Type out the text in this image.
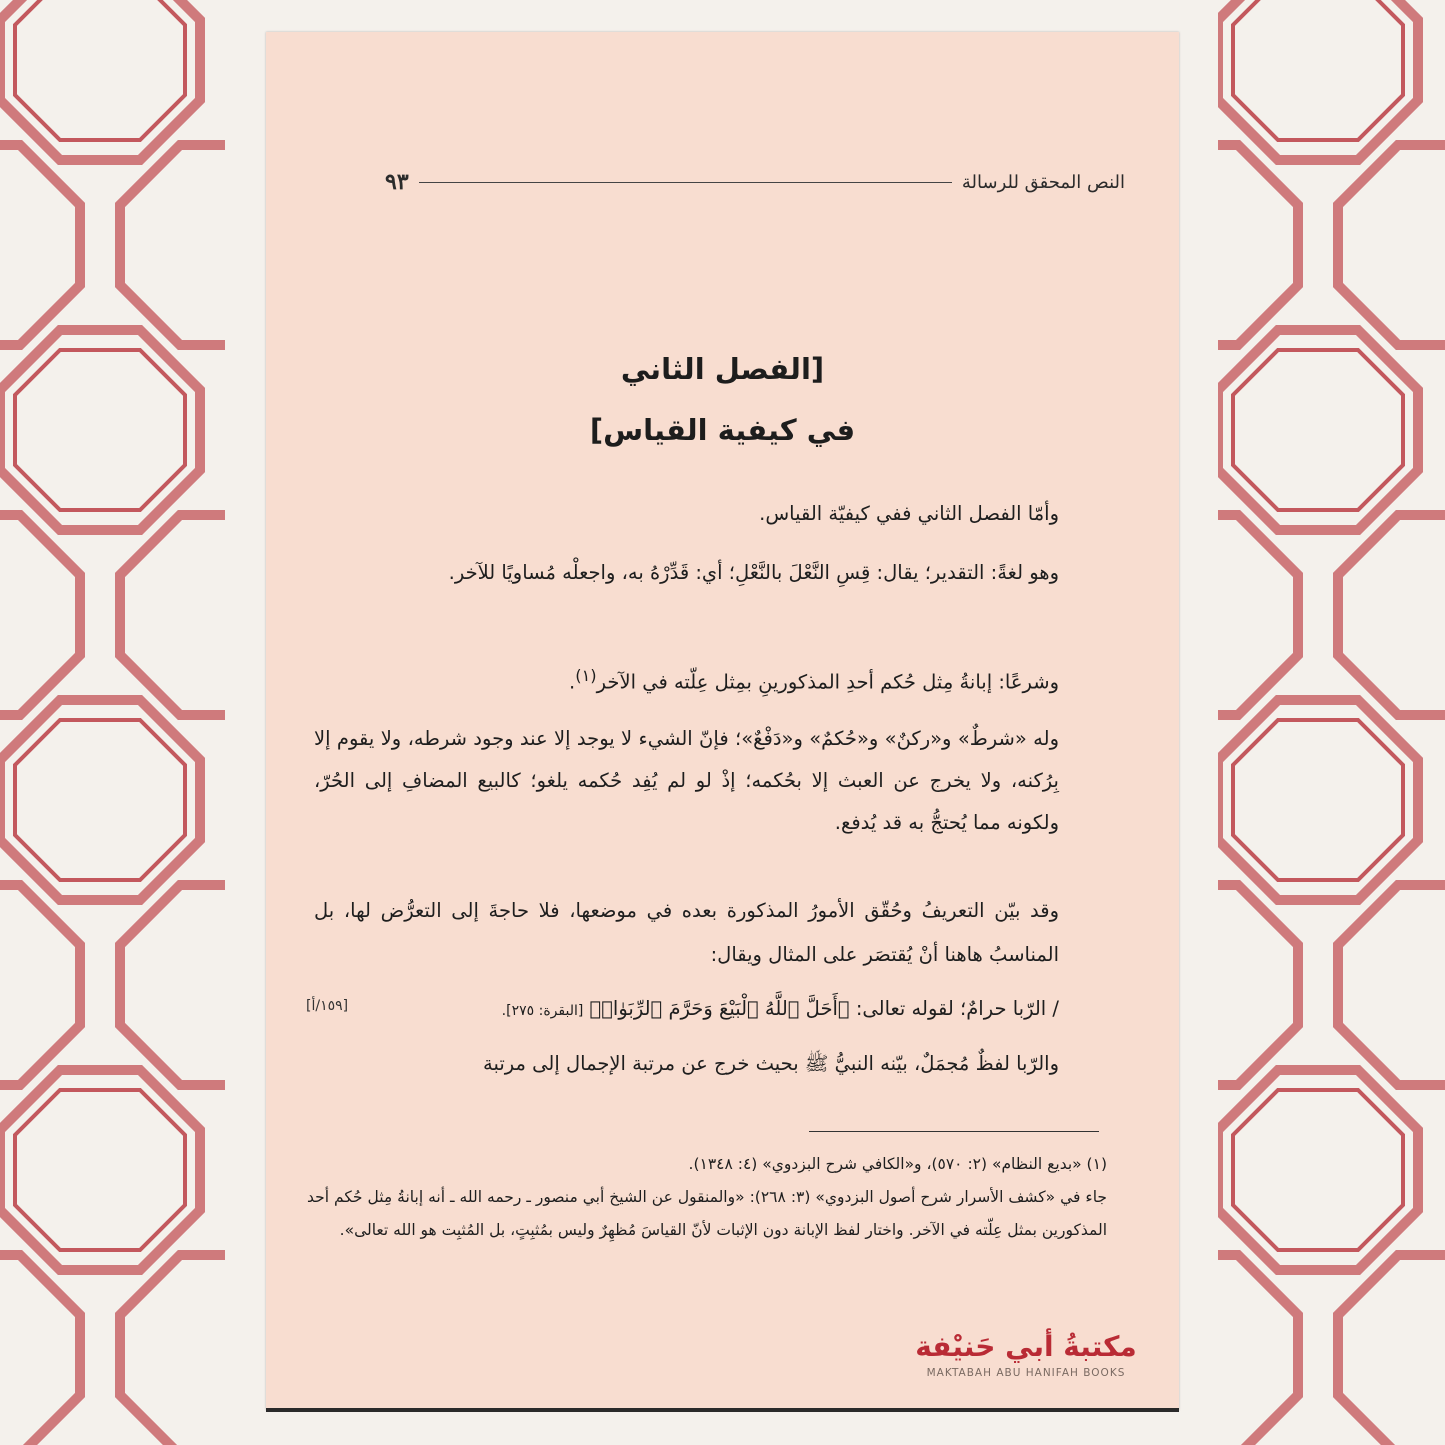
النص المحقق للرسالة
٩٣
[الفصل الثاني
في كيفية القياس]
وأمّا الفصل الثاني ففي كيفيّة القياس.
وهو لغةً: التقدير؛ يقال: قِسِ النَّعْلَ بالنَّعْلِ؛ أي: قَدِّرْهُ به، واجعلْه مُساويًا للآخر.
وشرعًا: إبانةُ مِثل حُكم أحدِ المذكورينِ بمِثل عِلّته في الآخر$^{(١)}$.
وله «شرطٌ» و«ركنٌ» و«حُكمٌ» و«دَفْعٌ»؛ فإنّ الشيء لا يوجد إلا عند وجود شرطه، ولا يقوم إلا بِرُكنه، ولا يخرج عن العبث إلا بحُكمه؛ إذْ لو لم يُفِد حُكمه يلغو؛ كالبيع المضافِ إلى الحُرّ، ولكونه مما يُحتجُّ به قد يُدفع.
وقد بيّن التعريفُ وحُقّق الأمورُ المذكورة بعده في موضعها، فلا حاجةَ إلى التعرُّض لها، بل المناسبُ هاهنا أنْ يُقتصَر على المثال ويقال:
/ الرّبا حرامٌ؛ لقوله تعالى: ﴿أَحَلَّ ٱللَّهُ ٱلْبَيْعَ وَحَرَّمَ ٱلرِّبَوٰا۟﴾ [البقرة: ٢٧٥].
[١٥٩/أ]
والرّبا لفظٌ مُجمَلٌ، بيّنه النبيُّ ﷺ بحيث خرج عن مرتبة الإجمال إلى مرتبة
(١) «بديع النظام» (٢: ٥٧٠)، و«الكافي شرح البزدوي» (٤: ١٣٤٨).
جاء في «كشف الأسرار شرح أصول البزدوي» (٣: ٢٦٨): «والمنقول عن الشيخ أبي منصور ـ رحمه الله ـ أنه إبانةُ مِثل حُكم أحد المذكورين بمثل عِلّته في الآخر. واختار لفظ الإبانة دون الإثبات لأنّ القياسَ مُظهِرٌ وليس بمُثبِتٍ، بل المُثبِت هو الله تعالى».
مكتبةُ أبي حَنيْفة
MAKTABAH ABU HANIFAH BOOKS
